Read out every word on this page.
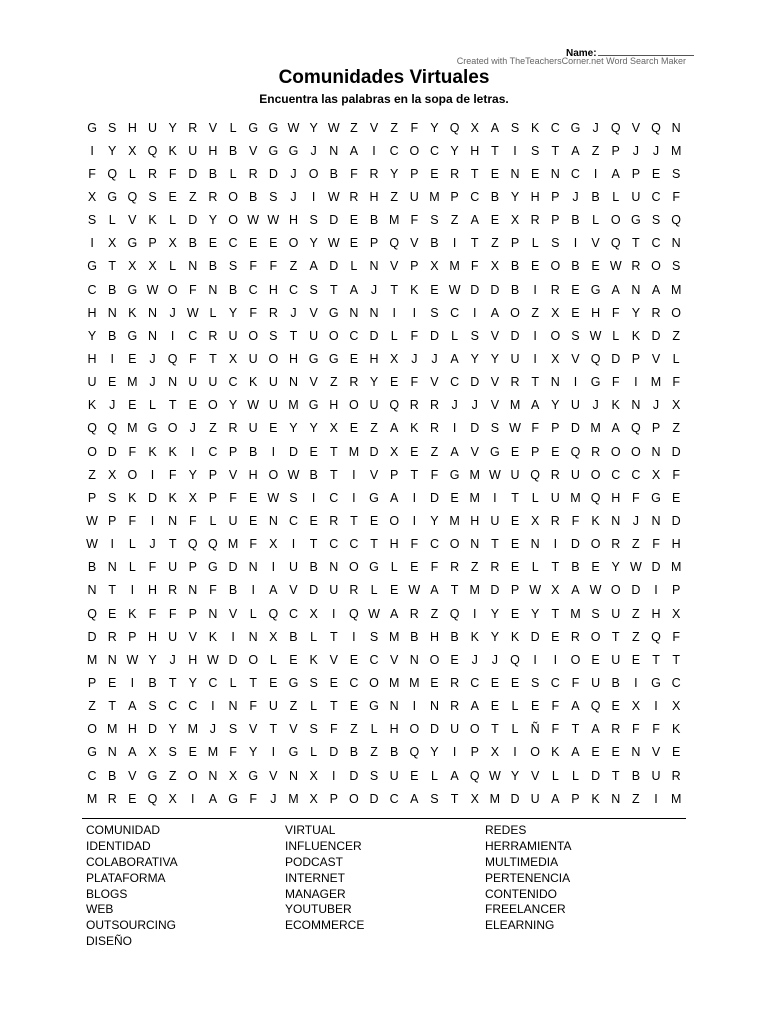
Name:
Created with TheTeachersCorner.net Word Search Maker
Comunidades Virtuales
Encuentra las palabras en la sopa de letras.
G S H U Y R V	L G G W Y W Z V Z	F Y Q X A S K C G J Q V Q N
I	Y X Q K U H B V G G J	N A	I	C O C Y H T	I	S T A Z P	J	J M
F Q L R F D B	L R D	J O B F R Y P E R T E N E N C	I	A P E S
X G Q S E Z R O B S	J	I W R H Z U M P C B Y H P	J	B	L U C F
S	L V K	L D Y O W W H S D E B M F S Z A E X R P B	L O G S Q
I	X G P X B E C E E O Y W E P Q V B	I	T	Z P	L S	I	V Q T C N
G T X X	L N B S F	F	Z A D L N V P X M F X B E O B E W R O S
C B G W O F N B C H C S T A	J	T K E W D D B	I	R E G A N A M
H N K N	J W L Y F R	J	V G N N	I	I	S C	I	A O Z X E H F Y R O
Y B G N	I	C R U O S T U O C D L	F D L S V D	I	O S W L K D Z
H	I	E	J Q F	T X U O H G G E H X	J	J	A Y Y U	I	X V Q D P V	L
U E M J	N U U C K U N V Z R Y E F V C D V R T N	I	G F	I	M F
K	J	E	L	T E O Y W U M G H O U Q R R	J	J	V M A Y U	J	K N	J	X
Q Q M G O J	Z R U E Y Y X E Z A K R	I	D S W F P D M A Q P Z
O D F K K	I	C P B	I	D E T M D X E Z A V G E P E Q R O O N D
Z X O	I	F Y P V H O W B T	I	V P T	F G M W U Q R U O C C X F
P S K D K X P F E W S	I	C	I	G A	I	D E M	I	T	L U M Q H F G E
W P F	I	N F	L U E N C E R T E O	I	Y M H U E X R F K N	J	N D
W	I	L	J	T Q Q M F X	I	T C C T H F C O N T E N	I	D O R Z	F H
B N L	F U P G D N	I	U B N O G L E F R Z R E	L	T B E Y W D M
N T	I	H R N F B	I	A V D U R L E W A T M D P W X A W O D	I	P
Q E K F	F P N V	L Q C X	I	Q W A R Z Q	I	Y E Y T M S U Z H X
D R P H U V K	I	N X B	L	T	I	S M B H B K Y K D E R O T	Z Q F
M N W Y	J	H W D O L E K V E C V N O E	J	J Q	I	I	O E U E T	T
P E	I	B T Y C L	T E G S E C O M M E R C E E S C F U B	I	G C
Z	T A S C C	I	N F U Z	L	T E G N	I	N R A E	L E F A Q E X	I	X
O M H D Y M J	S V T V S F	Z	L H O D U O T	L Ñ F	T A R F	F K
G N A X S E M F Y	I	G L D B Z B Q Y	I	P X	I	O K A E E N V E
C B V G Z O N X G V N X	I	D S U E	L A Q W Y V	L	L D T B U R
M R E Q X	I	A G F	J M X P O D C A S T X M D U A P K N Z	I	M
COMUNIDAD
IDENTIDAD
COLABORATIVA
PLATAFORMA
BLOGS
WEB
OUTSOURCING
DISEÑO
VIRTUAL
INFLUENCER
PODCAST
INTERNET
MANAGER
YOUTUBER
ECOMMERCE
REDES
HERRAMIENTA
MULTIMEDIA
PERTENENCIA
CONTENIDO
FREELANCER
ELEARNING
